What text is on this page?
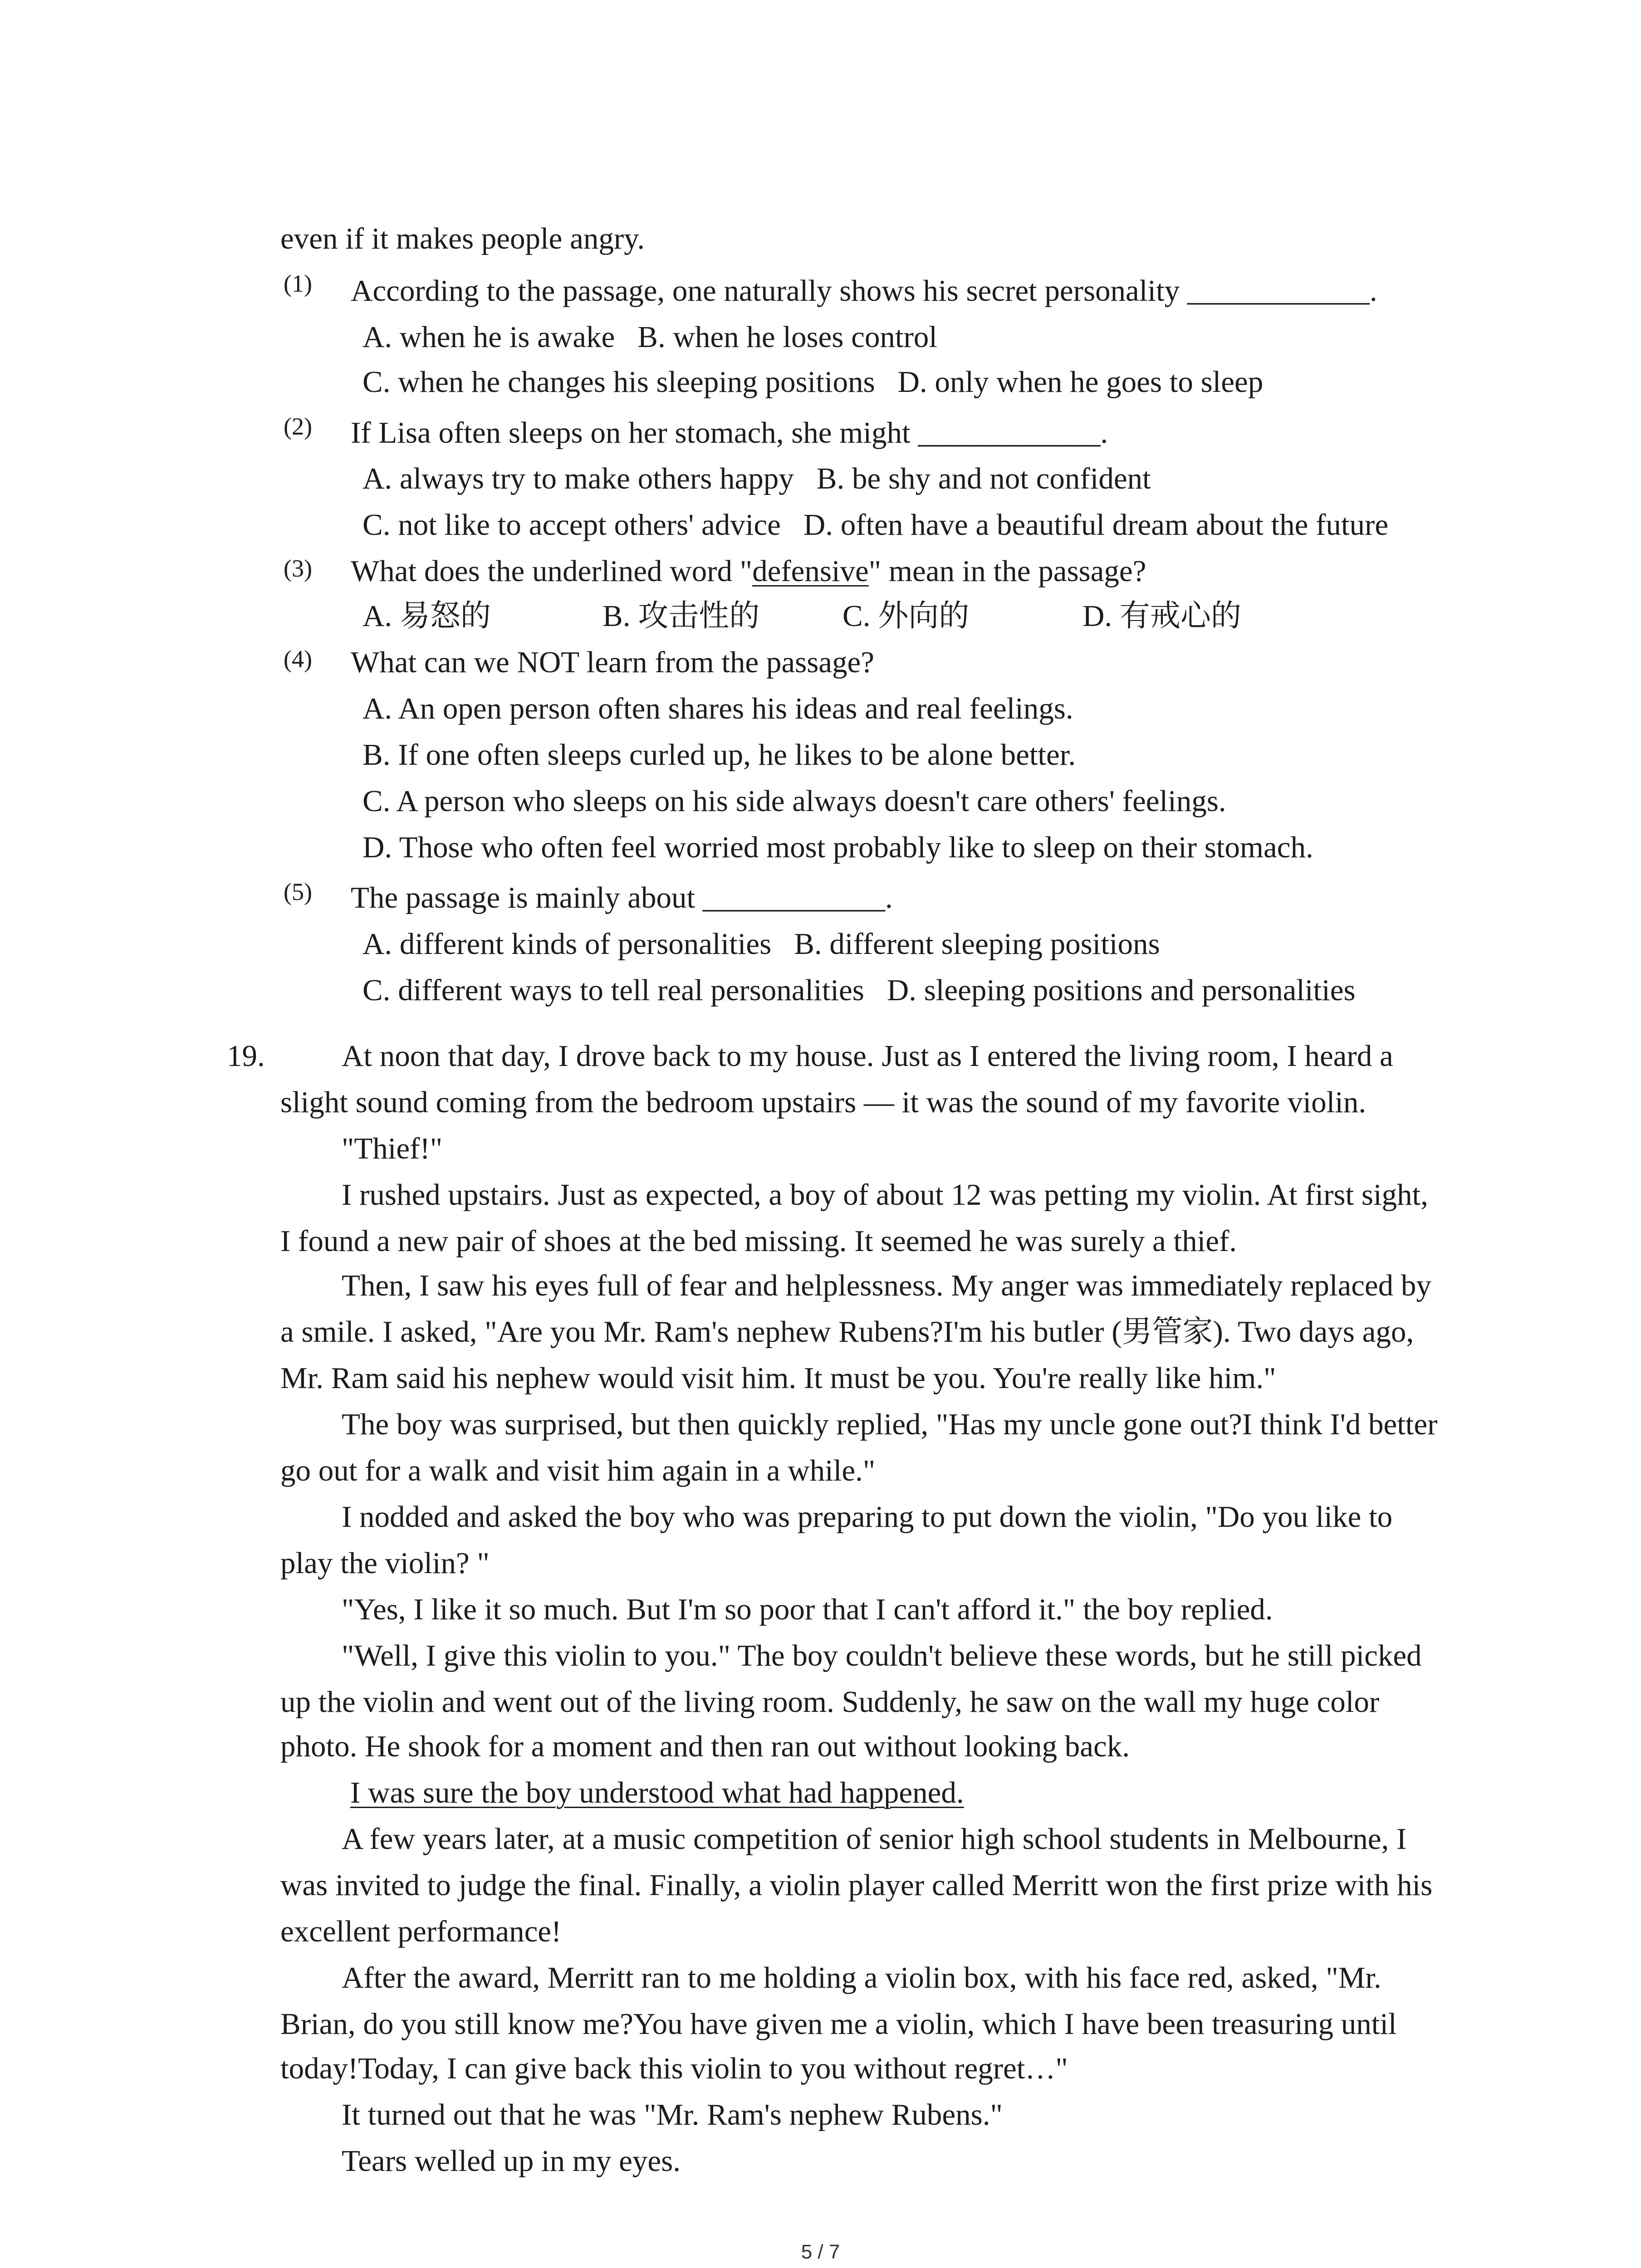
even if it makes people angry.
(1) According to the passage, one naturally shows his secret personality ____________.
A. when he is awake B. when he loses control
C. when he changes his sleeping positions D. only when he goes to sleep
(2) If Lisa often sleeps on her stomach, she might ____________.
A. always try to make others happy B. be shy and not confident
C. not like to accept others' advice D. often have a beautiful dream about the future
(3) What does the underlined word "defensive" mean in the passage?
A. 易怒的	B. 攻击性的	C. 外向的	D. 有戒心的
(4) What can we NOT learn from the passage?
A. An open person often shares his ideas and real feelings.
B. If one often sleeps curled up, he likes to be alone better.
C. A person who sleeps on his side always doesn't care others' feelings.
D. Those who often feel worried most probably like to sleep on their stomach.
(5) The passage is mainly about ____________.
A. different kinds of personalities B. different sleeping positions
C. different ways to tell real personalities D. sleeping positions and personalities
19.	At noon that day, I drove back to my house. Just as I entered the living room, I heard a
slight sound coming from the bedroom upstairs — it was the sound of my favorite violin.
"Thief!"
I rushed upstairs. Just as expected, a boy of about 12 was petting my violin. At first sight,
I found a new pair of shoes at the bed missing. It seemed he was surely a thief.
Then, I saw his eyes full of fear and helplessness. My anger was immediately replaced by
a smile. I asked, "Are you Mr. Ram's nephew Rubens?I'm his butler (男管家). Two days ago,
Mr. Ram said his nephew would visit him. It must be you. You're really like him."
The boy was surprised, but then quickly replied, "Has my uncle gone out?I think I'd better
go out for a walk and visit him again in a while."
I nodded and asked the boy who was preparing to put down the violin, "Do you like to
play the violin? "
"Yes, I like it so much. But I'm so poor that I can't afford it." the boy replied.
"Well, I give this violin to you." The boy couldn't believe these words, but he still picked
up the violin and went out of the living room. Suddenly, he saw on the wall my huge color
photo. He shook for a moment and then ran out without looking back.
I was sure the boy understood what had happened.
A few years later, at a music competition of senior high school students in Melbourne, I
was invited to judge the final. Finally, a violin player called Merritt won the first prize with his
excellent performance!
After the award, Merritt ran to me holding a violin box, with his face red, asked, "Mr.
Brian, do you still know me?You have given me a violin, which I have been treasuring until
today!Today, I can give back this violin to you without regret…"
It turned out that he was "Mr. Ram's nephew Rubens."
Tears welled up in my eyes.
5 / 7
